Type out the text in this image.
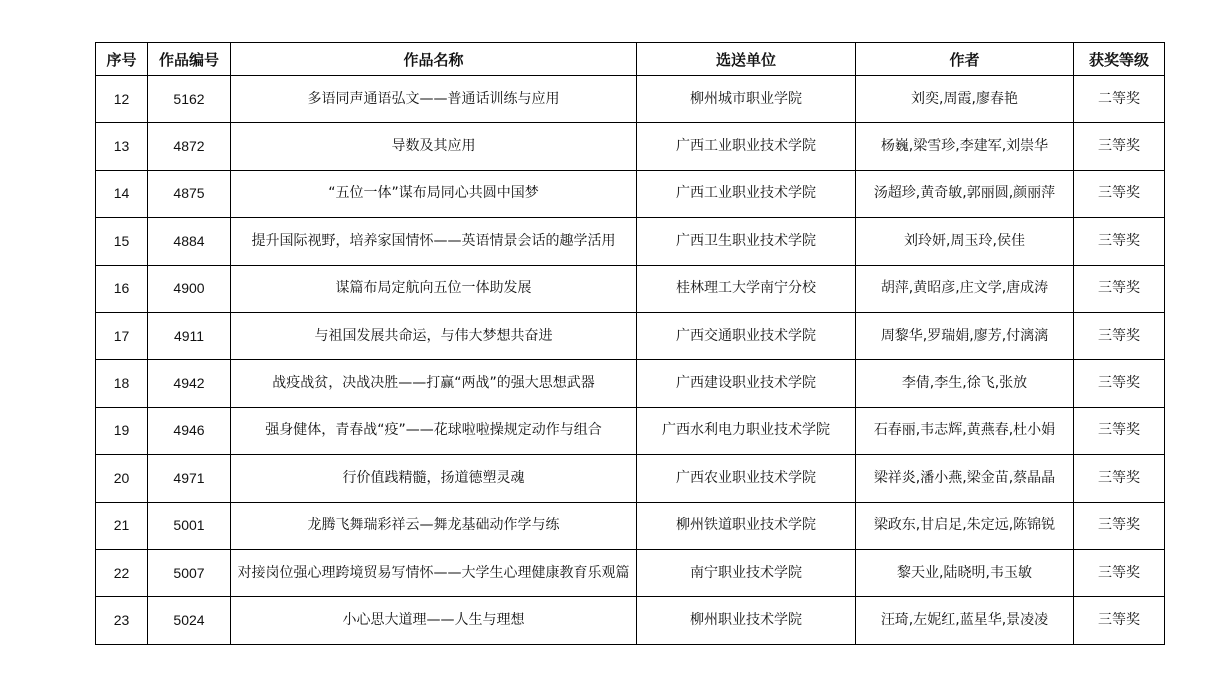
序号	作品编号	作品名称	选送单位	作者	获奖等级
12	5162	多语同声通语弘文——普通话训练与应用	柳州城市职业学院	刘奕,周霞,廖春艳	二等奖
13	4872	导数及其应用	广西工业职业技术学院	杨巍,梁雪珍,李建军,刘崇华	三等奖
14	4875	“五位一体”谋布局同心共圆中国梦	广西工业职业技术学院	汤超珍,黄奇敏,郭丽圆,颜丽萍	三等奖
15	4884	提升国际视野，培养家国情怀——英语情景会话的趣学活用	广西卫生职业技术学院	刘玲妍,周玉玲,侯佳	三等奖
16	4900	谋篇布局定航向五位一体助发展	桂林理工大学南宁分校	胡萍,黄昭彦,庄文学,唐成涛	三等奖
17	4911	与祖国发展共命运，与伟大梦想共奋进	广西交通职业技术学院	周黎华,罗瑞娟,廖芳,付漓漓	三等奖
18	4942	战疫战贫，决战决胜——打赢“两战”的强大思想武器	广西建设职业技术学院	李倩,李生,徐飞,张放	三等奖
19	4946	强身健体，青春战“疫”——花球啦啦操规定动作与组合	广西水利电力职业技术学院	石春丽,韦志辉,黄燕春,杜小娟	三等奖
20	4971	行价值践精髓，扬道德塑灵魂	广西农业职业技术学院	梁祥炎,潘小燕,梁金苗,蔡晶晶	三等奖
21	5001	龙腾飞舞瑞彩祥云—舞龙基础动作学与练	柳州铁道职业技术学院	梁政东,甘启足,朱定远,陈锦锐	三等奖
22	5007	对接岗位强心理跨境贸易写情怀——大学生心理健康教育乐观篇	南宁职业技术学院	黎天业,陆晓明,韦玉敏	三等奖
23	5024	小心思大道理——人生与理想	柳州职业技术学院	汪琦,左妮红,蓝星华,景凌凌	三等奖
